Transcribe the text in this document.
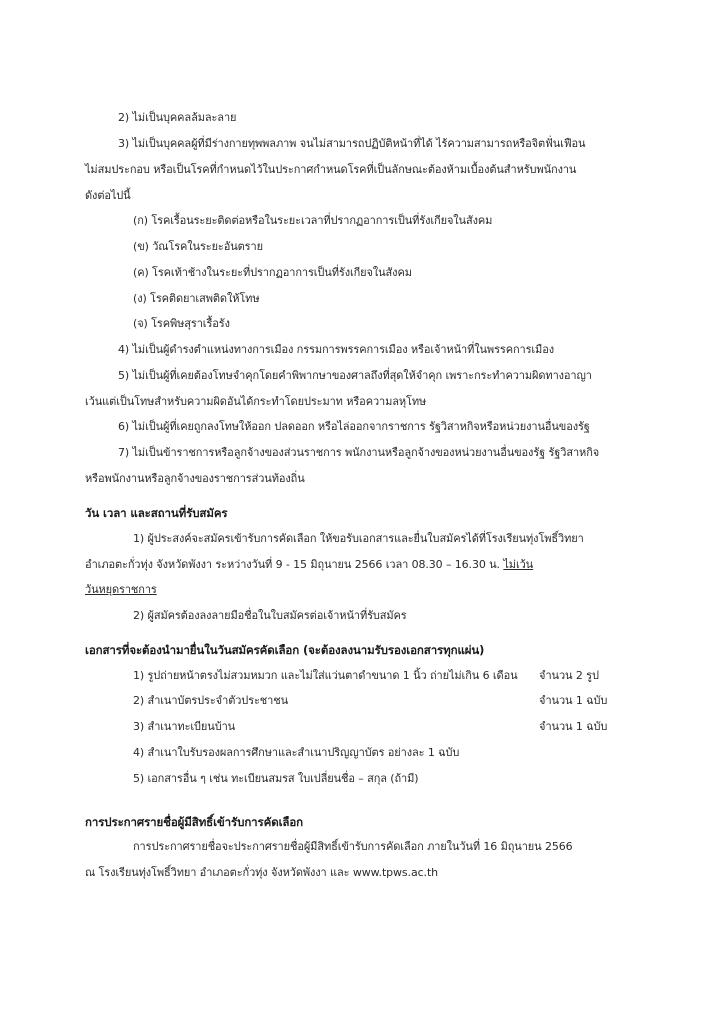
2) ไม่เป็นบุคคลล้มละลาย
3) ไม่เป็นบุคคลผู้ที่มีร่างกายทุพพลภาพ จนไม่สามารถปฏิบัติหน้าที่ได้ ไร้ความสามารถหรือจิตฟั่นเฟือน
ไม่สมประกอบ หรือเป็นโรคที่กำหนดไว้ในประกาศกำหนดโรคที่เป็นลักษณะต้องห้ามเบื้องต้นสำหรับพนักงาน
ดังต่อไปนี้
(ก) โรคเรื้อนระยะติดต่อหรือในระยะเวลาที่ปรากฏอาการเป็นที่รังเกียจในสังคม
(ข) วัณโรคในระยะอันตราย
(ค) โรคเท้าช้างในระยะที่ปรากฏอาการเป็นที่รังเกียจในสังคม
(ง) โรคติดยาเสพติดให้โทษ
(จ) โรคพิษสุราเรื้อรัง
4) ไม่เป็นผู้ดำรงตำแหน่งทางการเมือง กรรมการพรรคการเมือง หรือเจ้าหน้าที่ในพรรคการเมือง
5) ไม่เป็นผู้ที่เคยต้องโทษจำคุกโดยคำพิพากษาของศาลถึงที่สุดให้จำคุก เพราะกระทำความผิดทางอาญา
เว้นแต่เป็นโทษสำหรับความผิดอันได้กระทำโดยประมาท หรือความลหุโทษ
6) ไม่เป็นผู้ที่เคยถูกลงโทษให้ออก ปลดออก หรือไล่ออกจากราชการ รัฐวิสาหกิจหรือหน่วยงานอื่นของรัฐ
7) ไม่เป็นข้าราชการหรือลูกจ้างของส่วนราชการ พนักงานหรือลูกจ้างของหน่วยงานอื่นของรัฐ รัฐวิสาหกิจ
หรือพนักงานหรือลูกจ้างของราชการส่วนท้องถิ่น
วัน เวลา และสถานที่รับสมัคร
1) ผู้ประสงค์จะสมัครเข้ารับการคัดเลือก ให้ขอรับเอกสารและยื่นใบสมัครได้ที่โรงเรียนทุ่งโพธิ์วิทยา
อำเภอตะกั่วทุ่ง จังหวัดพังงา ระหว่างวันที่ 9 - 15 มิถุนายน 2566 เวลา 08.30 – 16.30 น. ไม่เว้น
วันหยุดราชการ
2) ผู้สมัครต้องลงลายมือชื่อในใบสมัครต่อเจ้าหน้าที่รับสมัคร
เอกสารที่จะต้องนำมายื่นในวันสมัครคัดเลือก (จะต้องลงนามรับรองเอกสารทุกแผ่น)
1) รูปถ่ายหน้าตรงไม่สวมหมวก และไม่ใส่แว่นตาดำขนาด 1 นิ้ว ถ่ายไม่เกิน 6 เดือน จำนวน 2 รูป
2) สำเนาบัตรประจำตัวประชาชน	จำนวน 1 ฉบับ
3) สำเนาทะเบียนบ้าน	จำนวน 1 ฉบับ
4) สำเนาใบรับรองผลการศึกษาและสำเนาปริญญาบัตร อย่างละ 1 ฉบับ
5) เอกสารอื่น ๆ เช่น ทะเบียนสมรส ใบเปลี่ยนชื่อ – สกุล (ถ้ามี)
การประกาศรายชื่อผู้มีสิทธิ์เข้ารับการคัดเลือก
การประกาศรายชื่อจะประกาศรายชื่อผู้มีสิทธิ์เข้ารับการคัดเลือก ภายในวันที่ 16 มิถุนายน 2566
ณ โรงเรียนทุ่งโพธิ์วิทยา อำเภอตะกั่วทุ่ง จังหวัดพังงา และ www.tpws.ac.th
